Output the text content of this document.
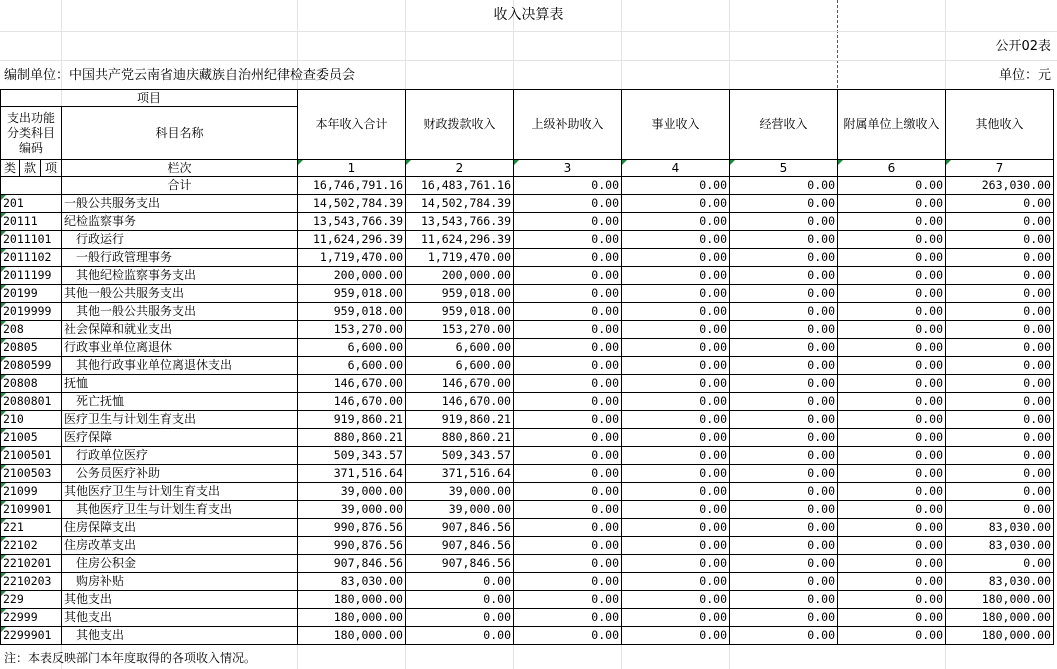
收入决算表
公开02表
编制单位：中国共产党云南省迪庆藏族自治州纪律检查委员会	单位：元
项目				本年收入合计	财政拨款收入	上级补助收入	事业收入	经营收入	附属单位上缴收入	其他收入
支出功能分类科目编码			科目名称							
类	款	项								
			栏次	1	2	3	4	5	6	7
			合计	16,746,791.16	16,483,761.16	0.00	0.00	0.00	0.00	263,030.00
201			一般公共服务支出	14,502,784.39	14,502,784.39	0.00	0.00	0.00	0.00	0.00
20111			纪检监察事务	13,543,766.39	13,543,766.39	0.00	0.00	0.00	0.00	0.00
2011101			行政运行	11,624,296.39	11,624,296.39	0.00	0.00	0.00	0.00	0.00
2011102			一般行政管理事务	1,719,470.00	1,719,470.00	0.00	0.00	0.00	0.00	0.00
2011199			其他纪检监察事务支出	200,000.00	200,000.00	0.00	0.00	0.00	0.00	0.00
20199			其他一般公共服务支出	959,018.00	959,018.00	0.00	0.00	0.00	0.00	0.00
2019999			其他一般公共服务支出	959,018.00	959,018.00	0.00	0.00	0.00	0.00	0.00
208			社会保障和就业支出	153,270.00	153,270.00	0.00	0.00	0.00	0.00	0.00
20805			行政事业单位离退休	6,600.00	6,600.00	0.00	0.00	0.00	0.00	0.00
2080599			其他行政事业单位离退休支出	6,600.00	6,600.00	0.00	0.00	0.00	0.00	0.00
20808			抚恤	146,670.00	146,670.00	0.00	0.00	0.00	0.00	0.00
2080801			死亡抚恤	146,670.00	146,670.00	0.00	0.00	0.00	0.00	0.00
210			医疗卫生与计划生育支出	919,860.21	919,860.21	0.00	0.00	0.00	0.00	0.00
21005			医疗保障	880,860.21	880,860.21	0.00	0.00	0.00	0.00	0.00
2100501			行政单位医疗	509,343.57	509,343.57	0.00	0.00	0.00	0.00	0.00
2100503			公务员医疗补助	371,516.64	371,516.64	0.00	0.00	0.00	0.00	0.00
21099			其他医疗卫生与计划生育支出	39,000.00	39,000.00	0.00	0.00	0.00	0.00	0.00
2109901			其他医疗卫生与计划生育支出	39,000.00	39,000.00	0.00	0.00	0.00	0.00	0.00
221			住房保障支出	990,876.56	907,846.56	0.00	0.00	0.00	0.00	83,030.00
22102			住房改革支出	990,876.56	907,846.56	0.00	0.00	0.00	0.00	83,030.00
2210201			住房公积金	907,846.56	907,846.56	0.00	0.00	0.00	0.00	0.00
2210203			购房补贴	83,030.00	0.00	0.00	0.00	0.00	0.00	83,030.00
229			其他支出	180,000.00	0.00	0.00	0.00	0.00	0.00	180,000.00
22999			其他支出	180,000.00	0.00	0.00	0.00	0.00	0.00	180,000.00
2299901			其他支出	180,000.00	0.00	0.00	0.00	0.00	0.00	180,000.00
注：本表反映部门本年度取得的各项收入情况。
